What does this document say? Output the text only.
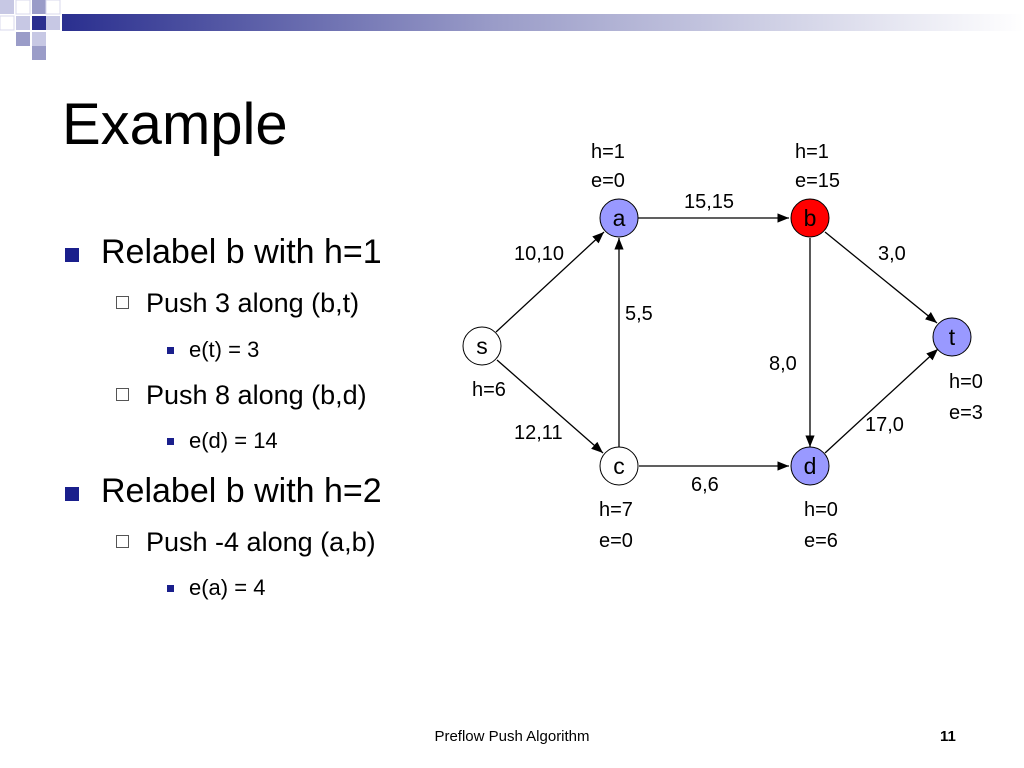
Example
Relabel b with h=1
Push 3 along (b,t)
e(t) = 3
Push 8 along (b,d)
e(d) = 14
Relabel b with h=2
Push -4 along (a,b)
e(a) = 4
10,10
12,11
15,15
5,5
3,0
8,0
6,6
17,0
s
a	b
c	d
t
h=6
h=1
e=0
h=1
e=15
h=7
e=0
h=0
e=6
h=0
e=3
Preflow Push Algorithm	11
